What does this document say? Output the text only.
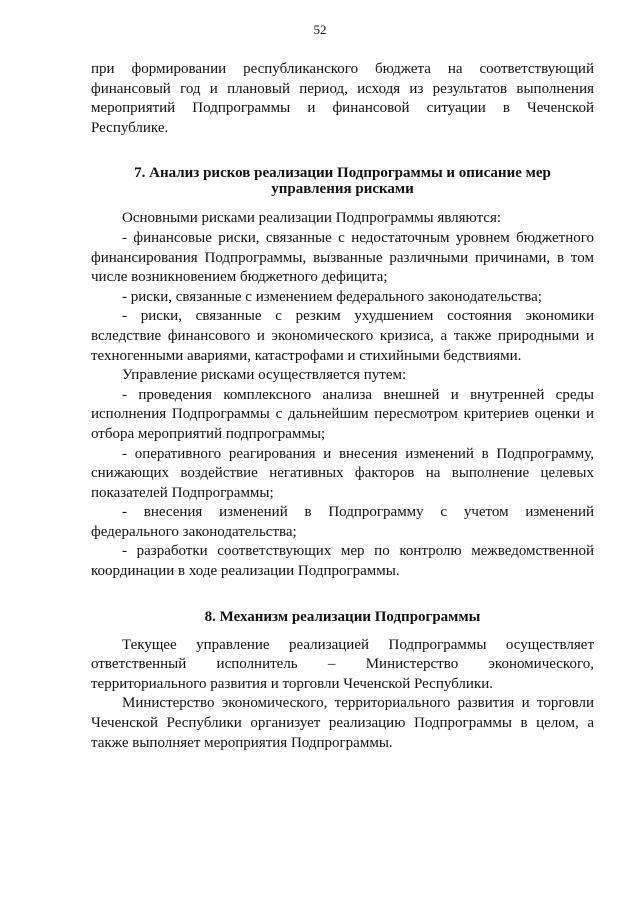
52

при формировании республиканского бюджета на соответствующий финансовый год и плановый период, исходя из результатов выполнения мероприятий Подпрограммы и финансовой ситуации в Чеченской Республике.

7. Анализ рисков реализации Подпрограммы и описание мер управления рисками

Основными рисками реализации Подпрограммы являются:

- финансовые риски, связанные с недостаточным уровнем бюджетного финансирования Подпрограммы, вызванные различными причинами, в том числе возникновением бюджетного дефицита;

- риски, связанные с изменением федерального законодательства;

- риски, связанные с резким ухудшением состояния экономики вследствие финансового и экономического кризиса, а также природными и техногенными авариями, катастрофами и стихийными бедствиями.

Управление рисками осуществляется путем:

- проведения комплексного анализа внешней и внутренней среды исполнения Подпрограммы с дальнейшим пересмотром критериев оценки и отбора мероприятий подпрограммы;

- оперативного реагирования и внесения изменений в Подпрограмму, снижающих воздействие негативных факторов на выполнение целевых показателей Подпрограммы;

- внесения изменений в Подпрограмму с учетом изменений федерального законодательства;

- разработки соответствующих мер по контролю межведомственной координации в ходе реализации Подпрограммы.

8. Механизм реализации Подпрограммы

Текущее управление реализацией Подпрограммы осуществляет ответственный исполнитель – Министерство экономического, территориального развития и торговли Чеченской Республики.

Министерство экономического, территориального развития и торговли Чеченской Республики организует реализацию Подпрограммы в целом, а также выполняет мероприятия Подпрограммы.
